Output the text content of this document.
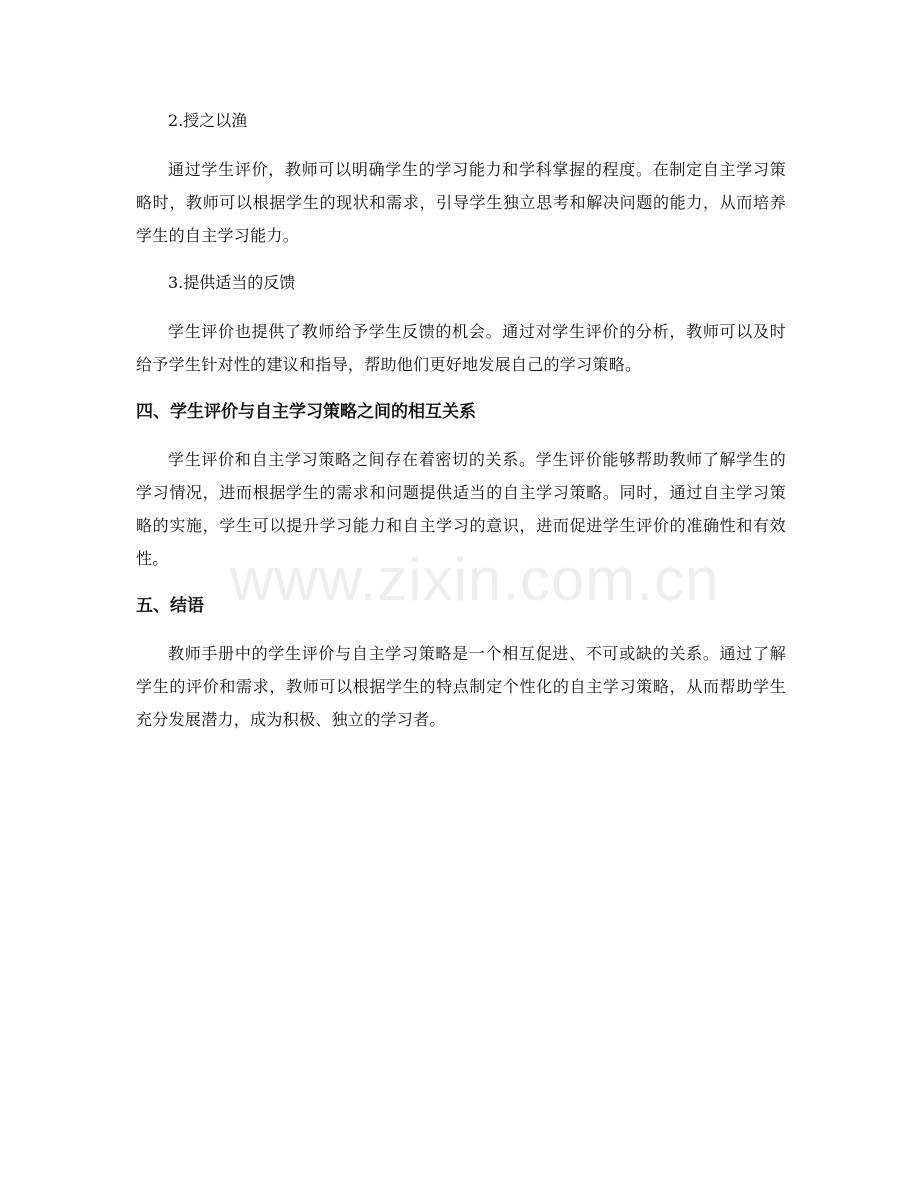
2.授之以渔

通过学生评价，教师可以明确学生的学习能力和学科掌握的程度。在制定自主学习策略时，教师可以根据学生的现状和需求，引导学生独立思考和解决问题的能力，从而培养学生的自主学习能力。

3.提供适当的反馈

学生评价也提供了教师给予学生反馈的机会。通过对学生评价的分析，教师可以及时给予学生针对性的建议和指导，帮助他们更好地发展自己的学习策略。

四、学生评价与自主学习策略之间的相互关系

学生评价和自主学习策略之间存在着密切的关系。学生评价能够帮助教师了解学生的学习情况，进而根据学生的需求和问题提供适当的自主学习策略。同时，通过自主学习策略的实施，学生可以提升学习能力和自主学习的意识，进而促进学生评价的准确性和有效性。

五、结语

教师手册中的学生评价与自主学习策略是一个相互促进、不可或缺的关系。通过了解学生的评价和需求，教师可以根据学生的特点制定个性化的自主学习策略，从而帮助学生充分发展潜力，成为积极、独立的学习者。

www.zixin.com.cn
